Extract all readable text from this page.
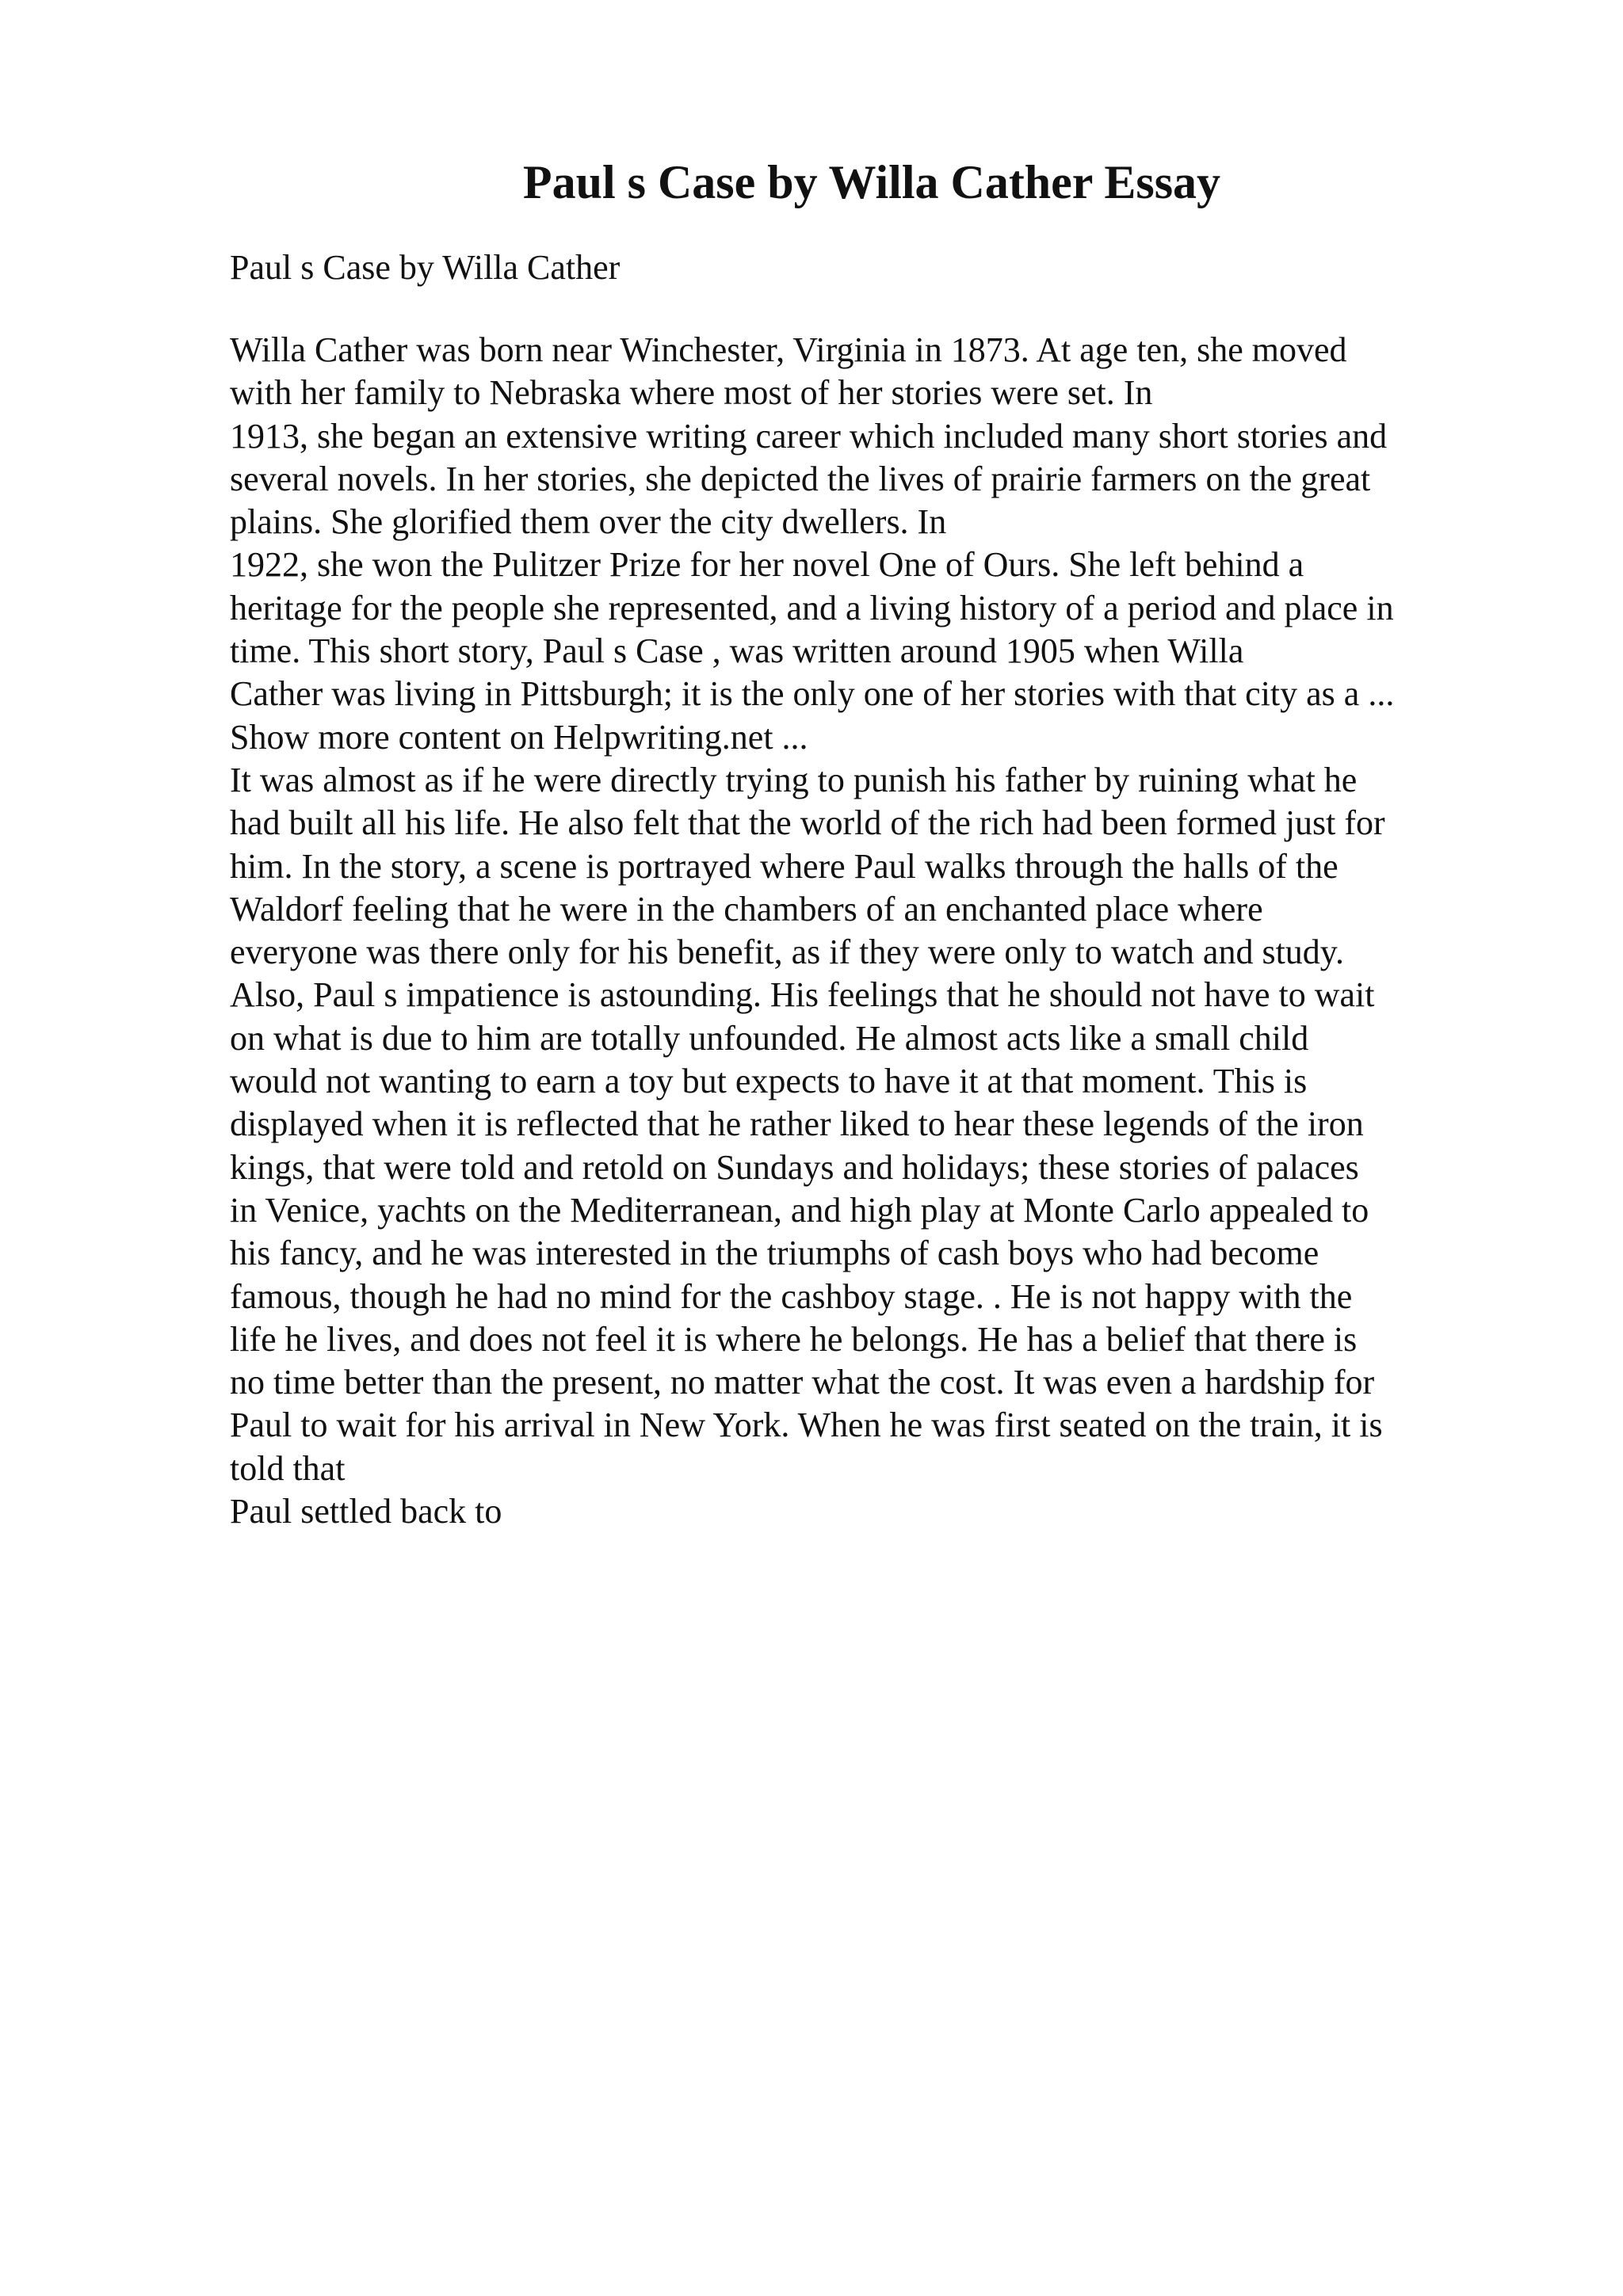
Paul s Case by Willa Cather Essay

Paul s Case by Willa Cather

Willa Cather was born near Winchester, Virginia in 1873. At age ten, she moved
with her family to Nebraska where most of her stories were set. In
1913, she began an extensive writing career which included many short stories and
several novels. In her stories, she depicted the lives of prairie farmers on the great
plains. She glorified them over the city dwellers. In
1922, she won the Pulitzer Prize for her novel One of Ours. She left behind a
heritage for the people she represented, and a living history of a period and place in
time. This short story, Paul s Case , was written around 1905 when Willa
Cather was living in Pittsburgh; it is the only one of her stories with that city as a ...
Show more content on Helpwriting.net ...
It was almost as if he were directly trying to punish his father by ruining what he
had built all his life. He also felt that the world of the rich had been formed just for
him. In the story, a scene is portrayed where Paul walks through the halls of the
Waldorf feeling that he were in the chambers of an enchanted place where
everyone was there only for his benefit, as if they were only to watch and study.
Also, Paul s impatience is astounding. His feelings that he should not have to wait
on what is due to him are totally unfounded. He almost acts like a small child
would not wanting to earn a toy but expects to have it at that moment. This is
displayed when it is reflected that he rather liked to hear these legends of the iron
kings, that were told and retold on Sundays and holidays; these stories of palaces
in Venice, yachts on the Mediterranean, and high play at Monte Carlo appealed to
his fancy, and he was interested in the triumphs of cash boys who had become
famous, though he had no mind for the cashboy stage. . He is not happy with the
life he lives, and does not feel it is where he belongs. He has a belief that there is
no time better than the present, no matter what the cost. It was even a hardship for
Paul to wait for his arrival in New York. When he was first seated on the train, it is
told that
Paul settled back to
